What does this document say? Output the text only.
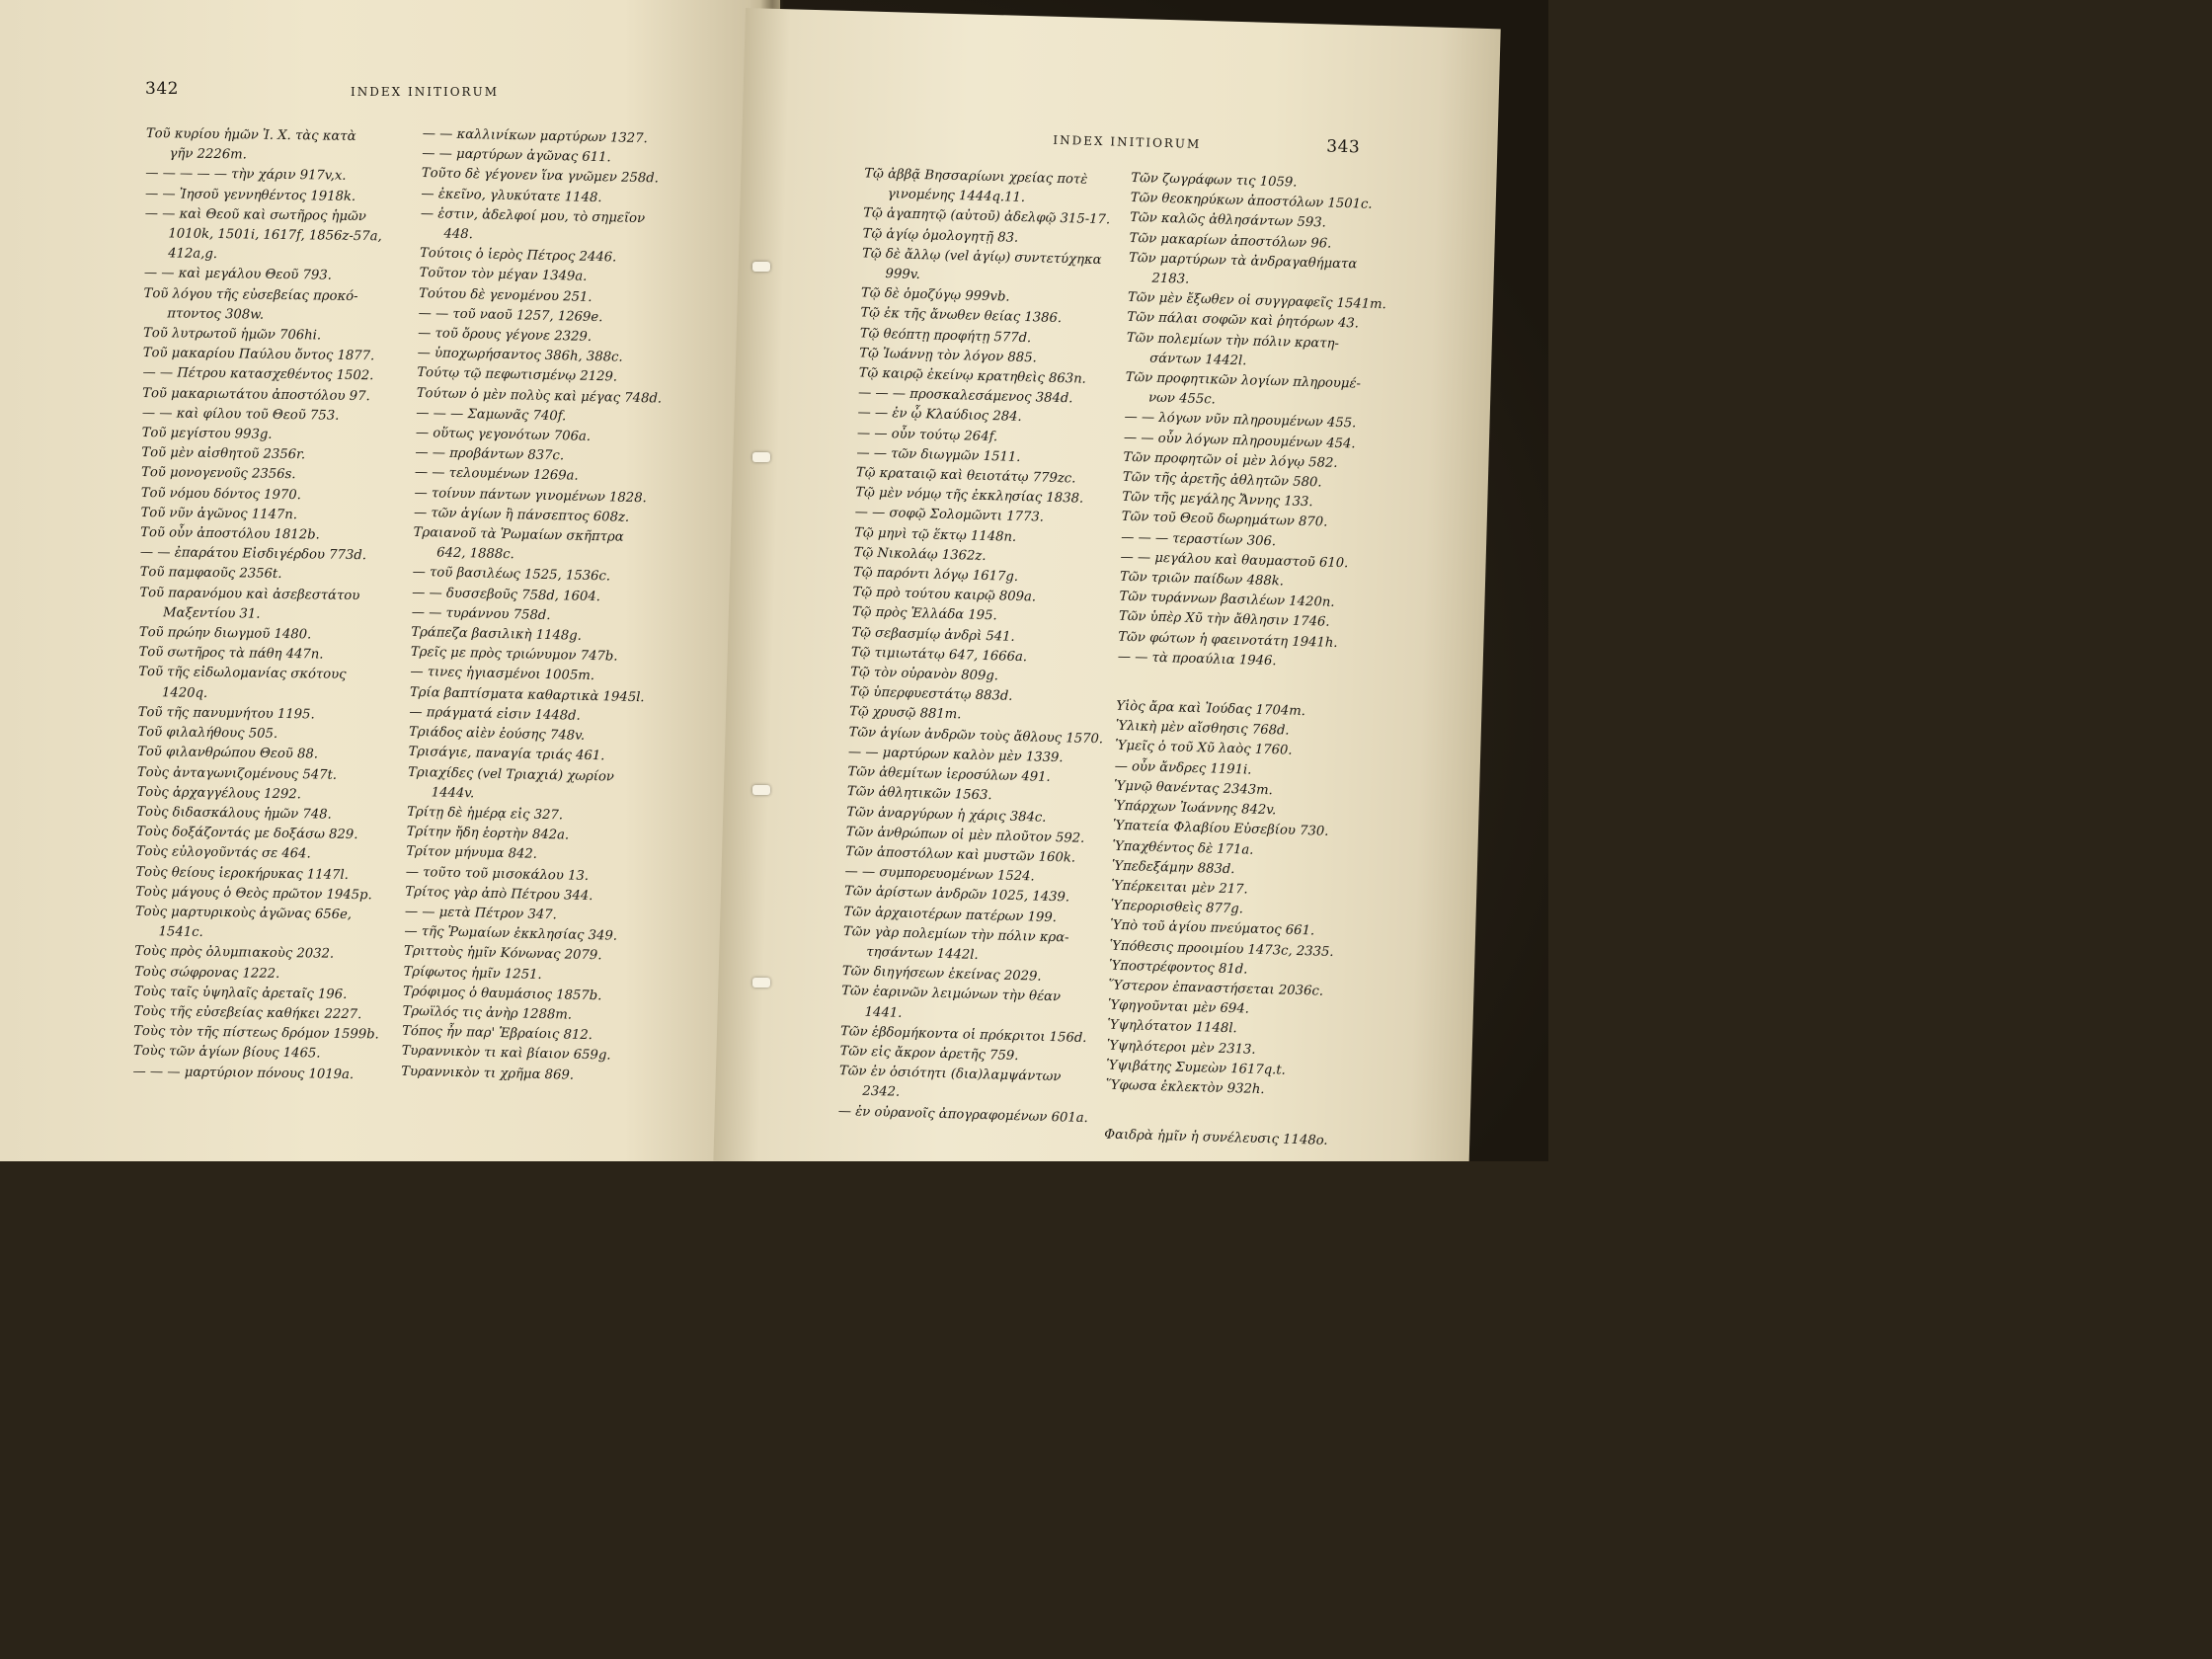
342	INDEX INITIORUM
Τοῦ κυρίου ἡμῶν Ἰ. Χ. τὰς κατὰ
γῆν 2226m.
— — — — — τὴν χάριν 917v,x.
— — Ἰησοῦ γεννηθέντος 1918k.
— — καὶ Θεοῦ καὶ σωτῆρος ἡμῶν
1010k, 1501i, 1617f, 1856z-57a,
412a,g.
— — καὶ μεγάλου Θεοῦ 793.
Τοῦ λόγου τῆς εὐσεβείας προκό-
πτοντος 308w.
Τοῦ λυτρωτοῦ ἡμῶν 706hi.
Τοῦ μακαρίου Παύλου ὄντος 1877.
— — Πέτρου κατασχεθέντος 1502.
Τοῦ μακαριωτάτου ἀποστόλου 97.
— — καὶ φίλου τοῦ Θεοῦ 753.
Τοῦ μεγίστου 993g.
Τοῦ μὲν αἰσθητοῦ 2356r.
Τοῦ μονογενοῦς 2356s.
Τοῦ νόμου δόντος 1970.
Τοῦ νῦν ἀγῶνος 1147n.
Τοῦ οὖν ἀποστόλου 1812b.
— — ἐπαράτου Εἰσδιγέρδου 773d.
Τοῦ παμφαοῦς 2356t.
Τοῦ παρανόμου καὶ ἀσεβεστάτου
Μαξεντίου 31.
Τοῦ πρώην διωγμοῦ 1480.
Τοῦ σωτῆρος τὰ πάθη 447n.
Τοῦ τῆς εἰδωλομανίας σκότους
1420q.
Τοῦ τῆς πανυμνήτου 1195.
Τοῦ φιλαλήθους 505.
Τοῦ φιλανθρώπου Θεοῦ 88.
Τοὺς ἀνταγωνιζομένους 547t.
Τοὺς ἀρχαγγέλους 1292.
Τοὺς διδασκάλους ἡμῶν 748.
Τοὺς δοξάζοντάς με δοξάσω 829.
Τοὺς εὐλογοῦντάς σε 464.
Τοὺς θείους ἱεροκήρυκας 1147l.
Τοὺς μάγους ὁ Θεὸς πρῶτον 1945p.
Τοὺς μαρτυρικοὺς ἀγῶνας 656e,
1541c.
Τοὺς πρὸς ὀλυμπιακοὺς 2032.
Τοὺς σώφρονας 1222.
Τοὺς ταῖς ὑψηλαῖς ἀρεταῖς 196.
Τοὺς τῆς εὐσεβείας καθήκει 2227.
Τοὺς τὸν τῆς πίστεως δρόμον 1599b.
Τοὺς τῶν ἁγίων βίους 1465.
— — — μαρτύριον πόνους 1019a.
— — καλλινίκων μαρτύρων 1327.
— — μαρτύρων ἀγῶνας 611.
Τοῦτο δὲ γέγονεν ἵνα γνῶμεν 258d.
— ἐκεῖνο, γλυκύτατε 1148.
— ἐστιν, ἀδελφοί μου, τὸ σημεῖον
448.
Τούτοις ὁ ἱερὸς Πέτρος 2446.
Τοῦτον τὸν μέγαν 1349a.
Τούτου δὲ γενομένου 251.
— — τοῦ ναοῦ 1257, 1269e.
— τοῦ ὄρους γέγονε 2329.
— ὑποχωρήσαντος 386h, 388c.
Τούτῳ τῷ πεφωτισμένῳ 2129.
Τούτων ὁ μὲν πολὺς καὶ μέγας 748d.
— — — Σαμωνᾶς 740f.
— οὕτως γεγονότων 706a.
— — προβάντων 837c.
— — τελουμένων 1269a.
— τοίνυν πάντων γινομένων 1828.
— τῶν ἁγίων ἢ πάνσεπτος 608z.
Τραιανοῦ τὰ Ῥωμαίων σκῆπτρα
642, 1888c.
— τοῦ βασιλέως 1525, 1536c.
— — δυσσεβοῦς 758d, 1604.
— — τυράννου 758d.
Τράπεζα βασιλικὴ 1148g.
Τρεῖς με πρὸς τριώνυμον 747b.
— τινες ἡγιασμένοι 1005m.
Τρία βαπτίσματα καθαρτικὰ 1945l.
— πράγματά εἰσιν 1448d.
Τριάδος αἰὲν ἐούσης 748v.
Τρισάγιε, παναγία τριάς 461.
Τριαχίδες (vel Τριαχιά) χωρίον
1444v.
Τρίτῃ δὲ ἡμέρᾳ εἰς 327.
Τρίτην ἤδη ἑορτὴν 842a.
Τρίτον μήνυμα 842.
— τοῦτο τοῦ μισοκάλου 13.
Τρίτος γὰρ ἀπὸ Πέτρου 344.
— — μετὰ Πέτρον 347.
— τῆς Ῥωμαίων ἐκκλησίας 349.
Τριττοὺς ἡμῖν Κόνωνας 2079.
Τρίφωτος ἡμῖν 1251.
Τρόφιμος ὁ θαυμάσιος 1857b.
Τρωϊλός τις ἀνὴρ 1288m.
Τόπος ἦν παρ' Ἑβραίοις 812.
Τυραννικὸν τι καὶ βίαιον 659g.
Τυραννικὸν τι χρῆμα 869.
INDEX INITIORUM	343
Τῷ ἀββᾷ Βησσαρίωνι χρείας ποτὲ
γινομένης 1444q.11.
Τῷ ἀγαπητῷ (αὐτοῦ) ἀδελφῷ 315-17.
Τῷ ἁγίῳ ὁμολογητῇ 83.
Τῷ δὲ ἄλλῳ (vel ἁγίῳ) συντετύχηκα
999v.
Τῷ δὲ ὁμοζύγῳ 999vb.
Τῷ ἐκ τῆς ἄνωθεν θείας 1386.
Τῷ θεόπτῃ προφήτῃ 577d.
Τῷ Ἰωάννῃ τὸν λόγον 885.
Τῷ καιρῷ ἐκείνῳ κρατηθεὶς 863n.
— — — προσκαλεσάμενος 384d.
— — ἐν ᾧ Κλαύδιος 284.
— — οὖν τούτῳ 264f.
— — τῶν διωγμῶν 1511.
Τῷ κραταιῷ καὶ θειοτάτῳ 779zc.
Τῷ μὲν νόμῳ τῆς ἐκκλησίας 1838.
— — σοφῷ Σολομῶντι 1773.
Τῷ μηνὶ τῷ ἕκτῳ 1148n.
Τῷ Νικολάῳ 1362z.
Τῷ παρόντι λόγῳ 1617g.
Τῷ πρὸ τούτου καιρῷ 809a.
Τῷ πρὸς Ἑλλάδα 195.
Τῷ σεβασμίῳ ἀνδρὶ 541.
Τῷ τιμιωτάτῳ 647, 1666a.
Τῷ τὸν οὐρανὸν 809g.
Τῷ ὑπερφυεστάτῳ 883d.
Τῷ χρυσῷ 881m.
Τῶν ἁγίων ἀνδρῶν τοὺς ἄθλους 1570.
— — μαρτύρων καλὸν μὲν 1339.
Τῶν ἀθεμίτων ἱεροσύλων 491.
Τῶν ἀθλητικῶν 1563.
Τῶν ἀναργύρων ἡ χάρις 384c.
Τῶν ἀνθρώπων οἱ μὲν πλοῦτον 592.
Τῶν ἀποστόλων καὶ μυστῶν 160k.
— — συμπορευομένων 1524.
Τῶν ἀρίστων ἀνδρῶν 1025, 1439.
Τῶν ἀρχαιοτέρων πατέρων 199.
Τῶν γὰρ πολεμίων τὴν πόλιν κρα-
τησάντων 1442l.
Τῶν διηγήσεων ἐκείνας 2029.
Τῶν ἐαρινῶν λειμώνων τὴν θέαν
1441.
Τῶν ἑβδομήκοντα οἱ πρόκριτοι 156d.
Τῶν εἰς ἄκρον ἀρετῆς 759.
Τῶν ἐν ὁσιότητι (δια)λαμψάντων
2342.
— ἐν οὐρανοῖς ἀπογραφομένων 601a.
Τῶν ζωγράφων τις 1059.
Τῶν θεοκηρύκων ἀποστόλων 1501c.
Τῶν καλῶς ἀθλησάντων 593.
Τῶν μακαρίων ἀποστόλων 96.
Τῶν μαρτύρων τὰ ἀνδραγαθήματα
2183.
Τῶν μὲν ἔξωθεν οἱ συγγραφεῖς 1541m.
Τῶν πάλαι σοφῶν καὶ ῥητόρων 43.
Τῶν πολεμίων τὴν πόλιν κρατη-
σάντων 1442l.
Τῶν προφητικῶν λογίων πληρουμέ-
νων 455c.
— — λόγων νῦν πληρουμένων 455.
— — οὖν λόγων πληρουμένων 454.
Τῶν προφητῶν οἱ μὲν λόγῳ 582.
Τῶν τῆς ἀρετῆς ἀθλητῶν 580.
Τῶν τῆς μεγάλης Ἄννης 133.
Τῶν τοῦ Θεοῦ δωρημάτων 870.
— — — τεραστίων 306.
— — μεγάλου καὶ θαυμαστοῦ 610.
Τῶν τριῶν παίδων 488k.
Τῶν τυράννων βασιλέων 1420n.
Τῶν ὑπὲρ Χῦ τὴν ἄθλησιν 1746.
Τῶν φώτων ἡ φαεινοτάτη 1941h.
— — τὰ προαύλια 1946.
Υἱὸς ἄρα καὶ Ἰούδας 1704m.
Ὑλικὴ μὲν αἴσθησις 768d.
Ὑμεῖς ὁ τοῦ Χῦ λαὸς 1760.
— οὖν ἄνδρες 1191i.
Ὑμνῷ θανέντας 2343m.
Ὑπάρχων Ἰωάννης 842v.
Ὑπατεία Φλαβίου Εὐσεβίου 730.
Ὑπαχθέντος δὲ 171a.
Ὑπεδεξάμην 883d.
Ὑπέρκειται μὲν 217.
Ὑπερορισθεὶς 877g.
Ὑπὸ τοῦ ἁγίου πνεύματος 661.
Ὑπόθεσις προοιμίου 1473c, 2335.
Ὑποστρέφοντος 81d.
Ὕστερον ἐπαναστήσεται 2036c.
Ὑφηγοῦνται μὲν 694.
Ὑψηλότατον 1148l.
Ὑψηλότεροι μὲν 2313.
Ὑψιβάτης Συμεὼν 1617q.t.
Ὕφωσα ἐκλεκτὸν 932h.
Φαιδρὰ ἡμῖν ἡ συνέλευσις 1148o.
